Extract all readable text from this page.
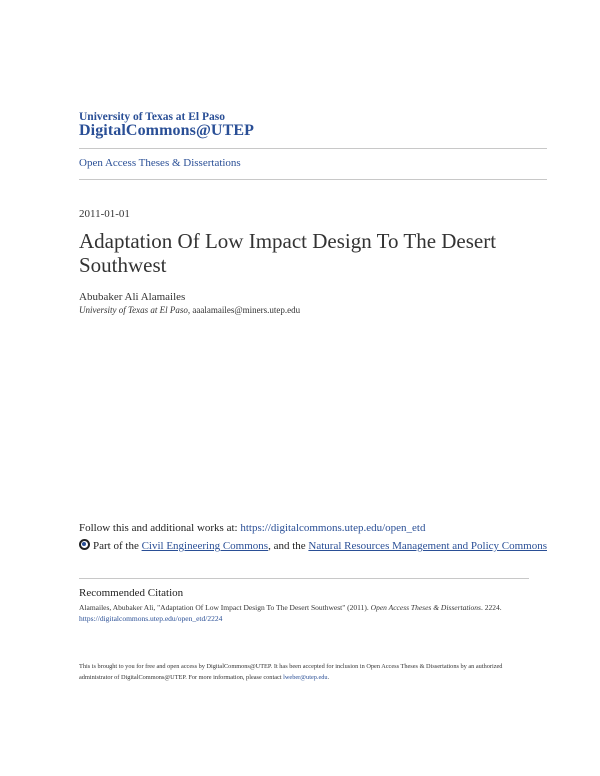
University of Texas at El Paso
DigitalCommons@UTEP
Open Access Theses & Dissertations
2011-01-01
Adaptation Of Low Impact Design To The Desert Southwest
Abubaker Ali Alamailes
University of Texas at El Paso, aaalamailes@miners.utep.edu
Follow this and additional works at: https://digitalcommons.utep.edu/open_etd
Part of the Civil Engineering Commons, and the Natural Resources Management and Policy Commons
Recommended Citation
Alamailes, Abubaker Ali, "Adaptation Of Low Impact Design To The Desert Southwest" (2011). Open Access Theses & Dissertations. 2224.
https://digitalcommons.utep.edu/open_etd/2224
This is brought to you for free and open access by DigitalCommons@UTEP. It has been accepted for inclusion in Open Access Theses & Dissertations by an authorized administrator of DigitalCommons@UTEP. For more information, please contact lweber@utep.edu.
